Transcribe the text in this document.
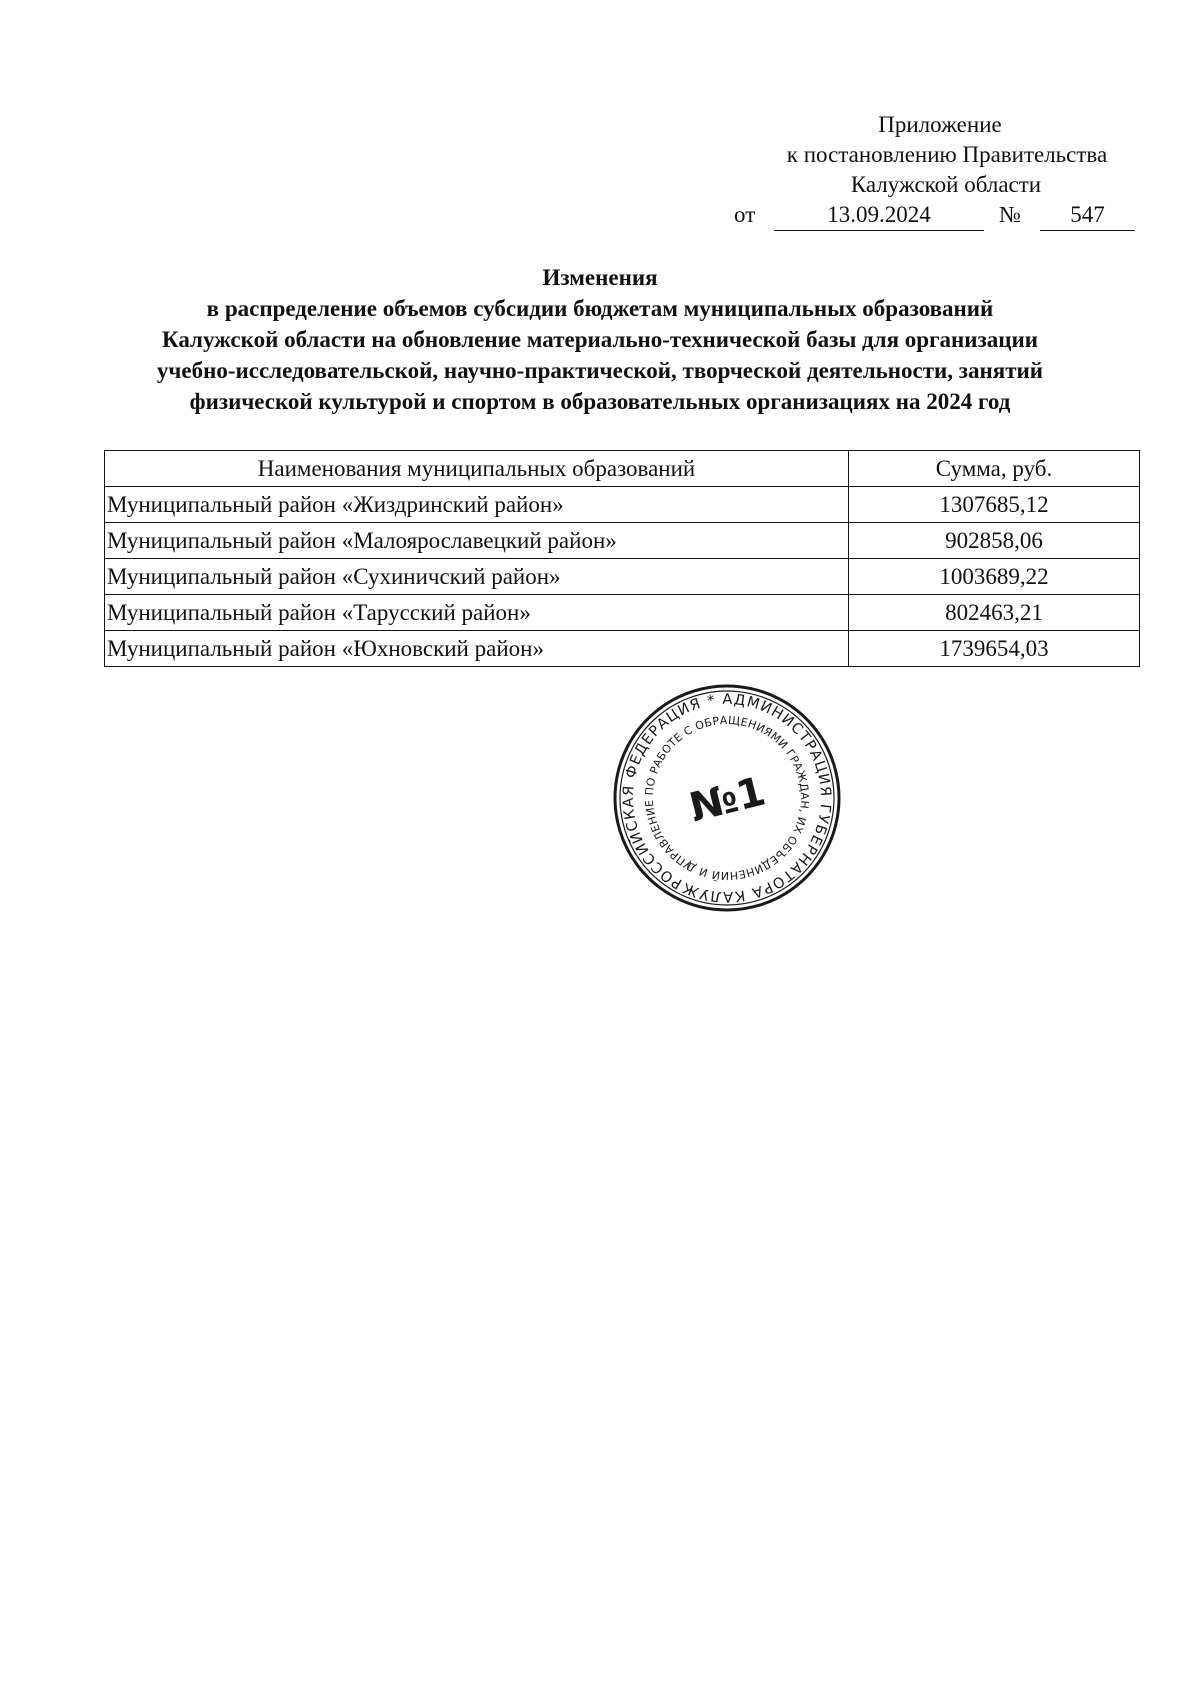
Приложение
к постановлению Правительства
Калужской области
от	13.09.2024	№	547
Изменения
в распределение объемов субсидии бюджетам муниципальных образований
Калужской области на обновление материально-технической базы для организации
учебно-исследовательской, научно-практической, творческой деятельности, занятий
физической культурой и спортом в образовательных организациях на 2024 год
Наименования муниципальных образований	Сумма, руб.
Муниципальный район «Жиздринский район»	1307685,12
Муниципальный район «Малоярославецкий район»	902858,06
Муниципальный район «Сухиничский район»	1003689,22
Муниципальный район «Тарусский район»	802463,21
Муниципальный район «Юхновский район»	1739654,03
РОССИЙСКАЯ ФЕДЕРАЦИЯ * АДМИНИСТРАЦИЯ ГУБЕРНАТОРА КАЛУЖСКОЙ
УПРАВЛЕНИЕ ПО РАБОТЕ С ОБРАЩЕНИЯМИ ГРАЖДАН, ИХ ОБЪЕДИНЕНИЙ И ДЕЛОПРОИЗВОДСТВУ
№1
